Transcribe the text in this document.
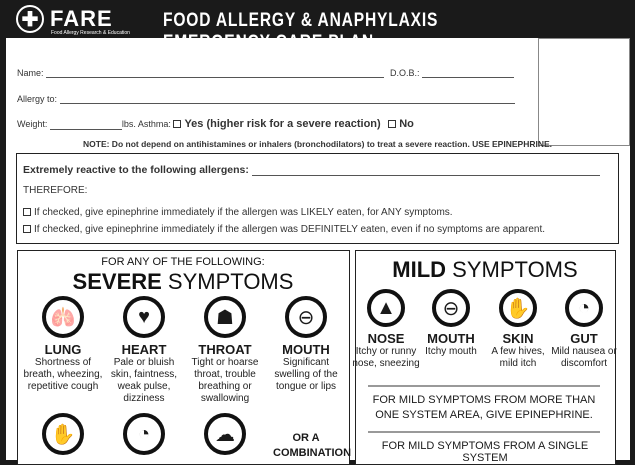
✚ FARE
Food Allergy Research & Education
FOOD ALLERGY & ANAPHYLAXIS
Name:	D.O.B.:
Allergy to:
Weight:	lbs. Asthma: Yes (higher risk for a severe reaction) No
NOTE: Do not depend on antihistamines or inhalers (bronchodilators) to treat a severe reaction. USE EPINEPHRINE.
Extremely reactive to the following allergens:
THEREFORE:
If checked, give epinephrine immediately if the allergen was LIKELY eaten, for ANY symptoms.
If checked, give epinephrine immediately if the allergen was DEFINITELY eaten, even if no symptoms are apparent.
FOR ANY OF THE FOLLOWING:
SEVERE SYMPTOMS
🫁
LUNG
Shortness of breath, wheezing, repetitive cough
♥
HEART
Pale or bluish skin, faintness, weak pulse, dizziness
☗
THROAT
Tight or hoarse throat, trouble breathing or swallowing
⊖
MOUTH
Significant swelling of the tongue or lips
✋	◔	☁	OR A COMBINATION
MILD SYMPTOMS
▲
NOSE
Itchy or runny nose, sneezing
⊖
MOUTH
Itchy mouth
✋
SKIN
A few hives, mild itch
◔
GUT
Mild nausea or discomfort
FOR MILD SYMPTOMS FROM MORE THAN ONE SYSTEM AREA, GIVE EPINEPHRINE.
FOR MILD SYMPTOMS FROM A SINGLE SYSTEM
